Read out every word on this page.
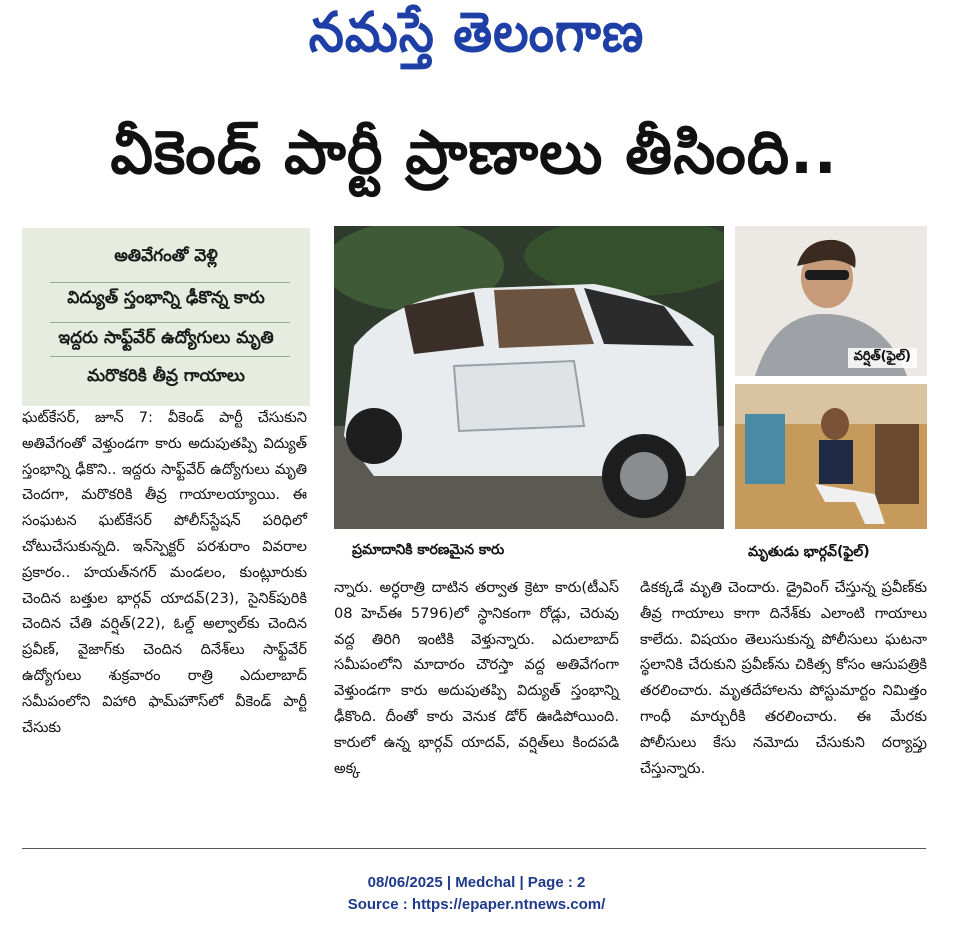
నమస్తే తెలంగాణ
వీకెండ్ పార్టీ ప్రాణాలు తీసింది..
అతివేగంతో వెళ్లి
విద్యుత్ స్తంభాన్ని ఢీకొన్న కారు
ఇద్దరు సాఫ్ట్‌వేర్ ఉద్యోగులు మృతి
మరొకరికి తీవ్ర గాయాలు
ప్రమాదానికి కారణమైన కారు
వర్షిత్(ఫైల్)
మృతుడు భార్గవ్(ఫైల్)

ఘట్‌కేసర్, జూన్ 7: వీకెండ్ పార్టీ చేసుకుని అతివేగంతో వెళ్తుండగా కారు అదుపుతప్పి విద్యుత్ స్తంభాన్ని ఢీకొని.. ఇద్దరు సాఫ్ట్‌వేర్ ఉద్యోగులు మృతి చెందగా, మరొకరికి తీవ్ర గాయాలయ్యాయి. ఈ సంఘటన ఘట్‌కేసర్ పోలీస్‌స్టేషన్ పరిధిలో చోటుచేసుకున్నది. ఇన్‌స్పెక్టర్ పరశురాం వివరాల ప్రకారం.. హయత్‌నగర్ మండలం, కుంట్లూరుకు చెందిన బత్తుల భార్గవ్ యాదవ్(23), సైనిక్‌పురికి చెందిన చేతి వర్షిత్(22), ఓల్డ్ అల్వాల్‌కు చెందిన ప్రవీణ్, వైజాగ్‌కు చెందిన దినేశ్‌లు సాఫ్ట్‌వేర్ ఉద్యోగులు శుక్రవారం రాత్రి ఎదులాబాద్ సమీపంలోని విహారి ఫామ్‌హౌస్‌లో వీకెండ్ పార్టీ చేసుకు

న్నారు. అర్ధరాత్రి దాటిన తర్వాత క్రెటా కారు(టీఎస్ 08 హెచ్‌ఈ 5796)లో స్థానికంగా రోడ్లు, చెరువు వద్ద తిరిగి ఇంటికి వెళ్తున్నారు. ఎదులాబాద్ సమీపంలోని మాదారం చౌరస్తా వద్ద అతివేగంగా వెళ్తుండగా కారు అదుపుతప్పి విద్యుత్ స్తంభాన్ని ఢీకొంది. దీంతో కారు వెనుక డోర్ ఊడిపోయింది. కారులో ఉన్న భార్గవ్ యాదవ్, వర్షిత్‌లు కిందపడి అక్క

డికక్కడే మృతి చెందారు. డ్రైవింగ్ చేస్తున్న ప్రవీణ్‌కు తీవ్ర గాయాలు కాగా దినేశ్‌కు ఎలాంటి గాయాలు కాలేదు. విషయం తెలుసుకున్న పోలీసులు ఘటనా స్థలానికి చేరుకుని ప్రవీణ్‌ను చికిత్స కోసం ఆసుపత్రికి తరలించారు. మృతదేహాలను పోస్టుమార్టం నిమిత్తం గాంధీ మార్చురీకి తరలించారు. ఈ మేరకు పోలీసులు కేసు నమోదు చేసుకుని దర్యాప్తు చేస్తున్నారు.

08/06/2025 | Medchal | Page : 2
Source : https://epaper.ntnews.com/
